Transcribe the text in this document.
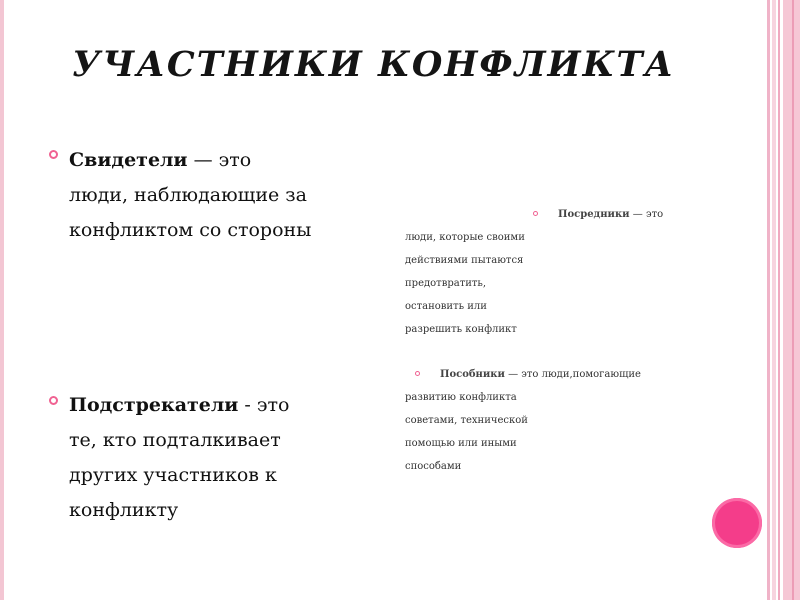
УЧАСТНИКИ КОНФЛИКТА
Свидетели — это
люди, наблюдающие за
конфликтом со стороны
Подстрекатели - это
те, кто подталкивает
других участников к
конфликту
Посредники — это
люди, которые своими
действиями пытаются
предотвратить,
остановить или
разрешить конфликт
Пособники — это люди,помогающие
развитию конфликта
советами, технической
помощью или иными
способами
